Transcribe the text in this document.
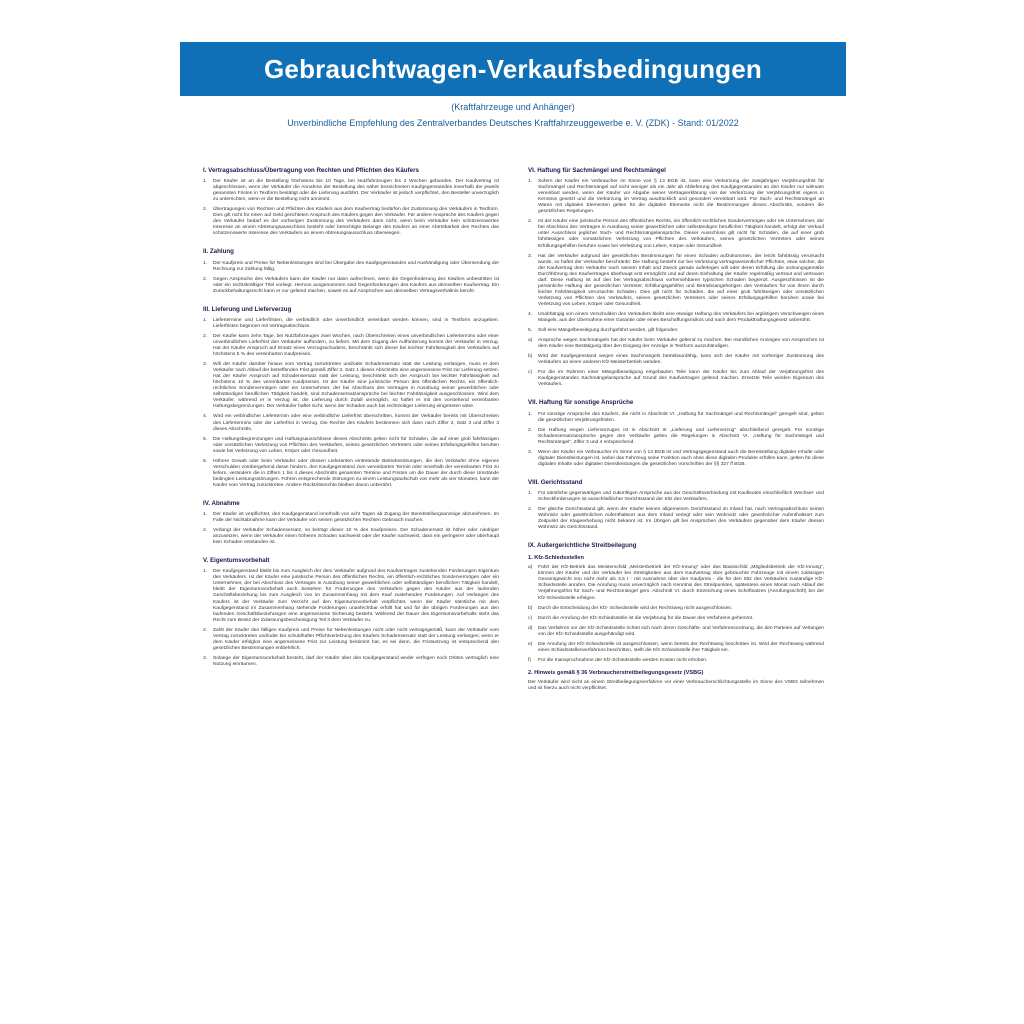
Gebrauchtwagen-Verkaufsbedingungen
(Kraftfahrzeuge und Anhänger)
Unverbindliche Empfehlung des Zentralverbandes Deutsches Kraftfahrzeuggewerbe e. V. (ZDK) - Stand: 01/2022
I. Vertragsabschluss/Übertragung von Rechten und Pflichten des Käufers
1.	Der Käufer ist an die Bestellung höchstens bis 10 Tage, bei Nutzfahrzeugen bis 2 Wochen gebunden. Der Kaufvertrag ist abgeschlossen, wenn der Verkäufer die Annahme der Bestellung des näher bezeichneten Kaufgegenstandes innerhalb der jeweils genannten Fristen in Textform bestätigt oder die Lieferung ausführt. Der Verkäufer ist jedoch verpflichtet, den Besteller unverzüglich zu unterrichten, wenn er die Bestellung nicht annimmt.
2.	Übertragungen von Rechten und Pflichten des Käufers aus dem Kaufvertrag bedürfen der Zustimmung des Verkäufers in Textform. Dies gilt nicht für einen auf Geld gerichteten Anspruch des Käufers gegen den Verkäufer. Für andere Ansprüche des Käufers gegen den Verkäufer bedarf es der vorherigen Zustimmung des Verkäufers dann nicht, wenn beim Verkäufer kein schützenswertes Interesse an einem Abtretungsausschluss besteht oder berechtigte Belange des Käufers an einer Abtretbarkeit des Rechtes das schützenswerte Interesse des Verkäufers an einem Abtretungsausschluss überwiegen.
II. Zahlung
1.	Der Kaufpreis und Preise für Nebenleistungen sind bei Übergabe des Kaufgegenstandes und Aushändigung oder Übersendung der Rechnung zur Zahlung fällig.
2.	Gegen Ansprüche des Verkäufers kann der Käufer nur dann aufrechnen, wenn die Gegenforderung des Käufers unbestritten ist oder ein rechtskräftiger Titel vorliegt. Hiervon ausgenommen sind Gegenforderungen des Käufers aus demselben Kaufvertrag. Ein Zurückbehaltungsrecht kann er nur geltend machen, soweit es auf Ansprüchen aus demselben Vertragsverhältnis beruht.
III. Lieferung und Lieferverzug
1.	Liefertermine und Lieferfristen, die verbindlich oder unverbindlich vereinbart werden können, sind in Textform anzugeben. Lieferfristen beginnen mit Vertragsabschluss.
2.	Der Käufer kann zehn Tage, bei Nutzfahrzeugen zwei Wochen, nach Überschreiten eines unverbindlichen Liefertermins oder einer unverbindlichen Lieferfrist den Verkäufer auffordern, zu liefern. Mit dem Zugang der Aufforderung kommt der Verkäufer in Verzug. Hat der Käufer Anspruch auf Ersatz eines Verzugsschadens, beschränkt sich dieser bei leichter Fahrlässigkeit des Verkäufers auf höchstens 5 % des vereinbarten Kaufpreises.
3.	Will der Käufer darüber hinaus vom Vertrag zurücktreten und/oder Schadensersatz statt der Leistung verlangen, muss er dem Verkäufer nach Ablauf der betreffenden Frist gemäß Ziffer 2, Satz 1 dieses Abschnitts eine angemessene Frist zur Lieferung setzen. Hat der Käufer Anspruch auf Schadensersatz statt der Leistung, beschränkt sich der Anspruch bei leichter Fahrlässigkeit auf höchstens 10 % des vereinbarten Kaufpreises. Ist der Käufer eine juristische Person des öffentlichen Rechts, ein öffentlich-rechtliches Sondervermögen oder ein Unternehmer, der bei Abschluss des Vertrages in Ausübung seiner gewerblichen oder selbständigen beruflichen Tätigkeit handelt, sind Schadensersatzansprüche bei leichter Fahrlässigkeit ausgeschlossen. Wird dem Verkäufer, während er in Verzug ist, die Lieferung durch Zufall unmöglich, so haftet er mit den vorstehend vereinbarten Haftungsbegrenzungen. Der Verkäufer haftet nicht, wenn der Schaden auch bei rechtzeitiger Lieferung eingetreten wäre.
4.	Wird ein verbindlicher Liefertermin oder eine verbindliche Lieferfrist überschritten, kommt der Verkäufer bereits mit Überschreiten des Liefertermins oder der Lieferfrist in Verzug. Die Rechte des Käufers bestimmen sich dann nach Ziffer 2, Satz 3 und Ziffer 3 dieses Abschnitts.
5.	Die Haftungsbegrenzungen und Haftungsausschlüsse dieses Abschnitts gelten nicht für Schäden, die auf einer grob fahrlässigen oder vorsätzlichen Verletzung von Pflichten des Verkäufers, seines gesetzlichen Vertreters oder seines Erfüllungsgehilfen beruhen sowie bei Verletzung von Leben, Körper oder Gesundheit.
6.	Höhere Gewalt oder beim Verkäufer oder dessen Lieferanten eintretende Betriebsstörungen, die den Verkäufer ohne eigenes Verschulden vorübergehend daran hindern, den Kaufgegenstand zum vereinbarten Termin oder innerhalb der vereinbarten Frist zu liefern, verändern die in Ziffern 1 bis 4 dieses Abschnitts genannten Termine und Fristen um die Dauer der durch diese Umstände bedingten Leistungsstörungen. Führen entsprechende Störungen zu einem Leistungsaufschub von mehr als vier Monaten, kann der Käufer vom Vertrag zurücktreten. Andere Rücktrittsrechte bleiben davon unberührt.
IV. Abnahme
1.	Der Käufer ist verpflichtet, den Kaufgegenstand innerhalb von acht Tagen ab Zugang der Bereitstellungsanzeige abzunehmen. Im Falle der Nichtabnahme kann der Verkäufer von seinen gesetzlichen Rechten Gebrauch machen.
2.	Verlangt der Verkäufer Schadensersatz, so beträgt dieser 10 % des Kaufpreises. Der Schadenersatz ist höher oder niedriger anzusetzen, wenn der Verkäufer einen höheren Schaden nachweist oder der Käufer nachweist, dass ein geringerer oder überhaupt kein Schaden entstanden ist.
V. Eigentumsvorbehalt
1.	Der Kaufgegenstand bleibt bis zum Ausgleich der dem Verkäufer aufgrund des Kaufvertrages zustehenden Forderungen Eigentum des Verkäufers. Ist der Käufer eine juristische Person des öffentlichen Rechts, ein öffentlich-rechtliches Sondervermögen oder ein Unternehmer, der bei Abschluss des Vertrages in Ausübung seiner gewerblichen oder selbständigen beruflichen Tätigkeit handelt, bleibt der Eigentumsvorbehalt auch bestehen für Forderungen des Verkäufers gegen den Käufer aus der laufenden Geschäftsbeziehung bis zum Ausgleich von im Zusammenhang mit dem Kauf zustehenden Forderungen. Auf Verlangen des Käufers ist der Verkäufer zum Verzicht auf den Eigentumsvorbehalt verpflichtet, wenn der Käufer sämtliche mit dem Kaufgegenstand im Zusammenhang stehende Forderungen unanfechtbar erfüllt hat und für die übrigen Forderungen aus den laufenden Geschäftsbeziehungen eine angemessene Sicherung besteht. Während der Dauer des Eigentumsvorbehalts steht das Recht zum Besitz der Zulassungsbescheinigung Teil II dem Verkäufer zu.
2.	Zahlt der Käufer den fälligen Kaufpreis und Preise für Nebenleistungen nicht oder nicht vertragsgemäß, kann der Verkäufer vom Vertrag zurücktreten und/oder bei schuldhafter Pflichtverletzung des Käufers Schadensersatz statt der Leistung verlangen; wenn er dem Käufer erfolglos eine angemessene Frist zur Leistung bestimmt hat, es sei denn, die Fristsetzung ist entsprechend den gesetzlichen Bestimmungen entbehrlich.
3.	Solange der Eigentumsvorbehalt besteht, darf der Käufer über den Kaufgegenstand weder verfügen noch Dritten vertraglich eine Nutzung einräumen.
VI. Haftung für Sachmängel und Rechtsmängel
1.	Sofern der Käufer ein Verbraucher im Sinne von § 13 BGB ist, kann eine Verkürzung der zweijährigen Verjährungsfrist für Sachmängel und Rechtsmängel auf nicht weniger als ein Jahr ab Ablieferung des Kaufgegenstandes an den Käufer nur wirksam vereinbart werden, wenn der Käufer vor Abgabe seiner Vertragserklärung von der Verkürzung der Verjährungsfrist eigens in Kenntnis gesetzt und die Verkürzung im Vertrag ausdrücklich und gesondert vereinbart wird. Für Sach- und Rechtsmängel an Waren mit digitalen Elementen gelten für die digitalen Elemente nicht die Bestimmungen dieses Abschnitts, sondern die gesetzlichen Regelungen.
2.	Ist der Käufer eine juristische Person des öffentlichen Rechts, ein öffentlich-rechtliches Sondervermögen oder ein Unternehmer, der bei Abschluss des Vertrages in Ausübung seiner gewerblichen oder selbständigen beruflichen Tätigkeit handelt, erfolgt der Verkauf unter Ausschluss jeglicher Sach- und Rechtsmängelansprüche. Dieser Ausschluss gilt nicht für Schäden, die auf einer grob fahrlässigen oder vorsätzlichen Verletzung von Pflichten des Verkäufers, seines gesetzlichen Vertreters oder seines Erfüllungsgehilfen beruhen sowie bei Verletzung von Leben, Körper oder Gesundheit.
3.	Hat der Verkäufer aufgrund der gesetzlichen Bestimmungen für einen Schaden aufzukommen, der leicht fahrlässig verursacht wurde, so haftet der Verkäufer beschränkt: Die Haftung besteht nur bei Verletzung vertragswesentlicher Pflichten, etwa solcher, die der Kaufvertrag dem Verkäufer nach seinem Inhalt und Zweck gerade auferlegen will oder deren Erfüllung die ordnungsgemäße Durchführung des Kaufvertrages überhaupt erst ermöglicht und auf deren Einhaltung der Käufer regelmäßig vertraut und vertrauen darf. Diese Haftung ist auf den bei Vertragsabschluss vorhersehbaren typischen Schaden begrenzt. Ausgeschlossen ist die persönliche Haftung der gesetzlichen Vertreter, Erfüllungsgehilfen und Betriebsangehörigen des Verkäufers für von ihnen durch leichte Fahrlässigkeit verursachte Schäden. Dies gilt nicht für Schäden, die auf einer grob fahrlässigen oder vorsätzlichen Verletzung von Pflichten des Verkäufers, seines gesetzlichen Vertreters oder seines Erfüllungsgehilfen beruhen sowie bei Verletzung von Leben, Körper oder Gesundheit.
4.	Unabhängig von einem Verschulden des Verkäufers bleibt eine etwaige Haftung des Verkäufers bei arglistigem Verschweigen eines Mangels, aus der Übernahme einer Garantie oder eines Beschaffungsrisikos und nach dem Produkthaftungsgesetz unberührt.
5.	Soll eine Mängelbeseitigung durchgeführt werden, gilt folgendes:
a)	Ansprüche wegen Sachmängeln hat der Käufer beim Verkäufer geltend zu machen. Bei mündlichen Anzeigen von Ansprüchen ist dem Käufer eine Bestätigung über den Eingang der Anzeige in Textform auszuhändigen.
b)	Wird der Kaufgegenstand wegen eines Sachmangels betriebsunfähig, kann sich der Käufer mit vorheriger Zustimmung des Verkäufers an einen anderen Kfz-Meisterbetrieb wenden.
c)	Für die im Rahmen einer Mängelbeseitigung eingebauten Teile kann der Käufer bis zum Ablauf der Verjährungsfrist des Kaufgegenstandes Sachmängelansprüche auf Grund des Kaufvertrages geltend machen. Ersetzte Teile werden Eigentum des Verkäufers.
VII. Haftung für sonstige Ansprüche
1.	Für sonstige Ansprüche des Käufers, die nicht in Abschnitt VI. „Haftung für Sachmängel und Rechtsmängel“ geregelt sind, gelten die gesetzlichen Verjährungsfristen.
2.	Die Haftung wegen Lieferverzuges ist in Abschnitt III „Lieferung und Lieferverzug“ abschließend geregelt. Für sonstige Schadensersatzansprüche gegen den Verkäufer gelten die Regelungen in Abschnitt VI. „Haftung für Sachmängel und Rechtsmängel“, Ziffer 3 und 4 entsprechend.
3.	Wenn der Käufer ein Verbraucher im Sinne von § 13 BGB ist und Vertragsgegenstand auch die Bereitstellung digitaler Inhalte oder digitaler Dienstleistungen ist, wobei das Fahrzeug seine Funktion auch ohne diese digitalen Produkte erfüllen kann, gelten für diese digitalen Inhalte oder digitalen Dienstleistungen die gesetzlichen Vorschriften der §§ 327 ff BGB.
VIII. Gerichtsstand
1.	Für sämtliche gegenwärtigen und zukünftigen Ansprüche aus der Geschäftsverbindung mit Kaufleuten einschließlich Wechsel- und Scheckforderungen ist ausschließlicher Gerichtsstand der Sitz des Verkäufers.
2.	Der gleiche Gerichtsstand gilt, wenn der Käufer keinen allgemeinen Gerichtsstand im Inland hat, nach Vertragsabschluss seinen Wohnsitz oder gewöhnlichen Aufenthaltsort aus dem Inland verlegt oder sein Wohnsitz oder gewöhnlicher Aufenthaltsort zum Zeitpunkt der Klageerhebung nicht bekannt ist. Im Übrigen gilt bei Ansprüchen des Verkäufers gegenüber dem Käufer dessen Wohnsitz als Gerichtsstand.
IX. Außergerichtliche Streitbeilegung
1. Kfz-Schiedsstellen
a)	Führt der Kfz-Betrieb das Meisterschild „Meisterbetrieb der Kfz-Innung“ oder das Basisschild „Mitgliedsbetrieb der Kfz-Innung“, können der Käufer und der Verkäufer bei Streitigkeiten aus dem Kaufvertrag über gebrauchte Fahrzeuge mit einem zulässigen Gesamtgewicht von nicht mehr als 3,5 t - mit Ausnahme über den Kaufpreis - die für den Sitz des Verkäufers zuständige Kfz-Schiedsstelle anrufen. Die Anrufung muss unverzüglich nach Kenntnis des Streitpunktes, spätestens einen Monat nach Ablauf der Verjährungsfrist für Sach- und Rechtsmängel gem. Abschnitt VI. durch Einreichung eines Schriftsatzes (Anrufungsschrift) bei der Kfz-Schiedsstelle erfolgen.
b)	Durch die Entscheidung der Kfz- Schiedsstelle wird der Rechtsweg nicht ausgeschlossen.
c)	Durch die Anrufung der Kfz-Schiedsstelle ist die Verjährung für die Dauer des Verfahrens gehemmt.
d)	Das Verfahren vor der Kfz-Schiedsstelle richtet sich nach deren Geschäfts- und Verfahrensordnung, die den Parteien auf Verlangen von der Kfz-Schiedsstelle ausgehändigt wird.
e)	Die Anrufung der Kfz-Schiedsstelle ist ausgeschlossen, wenn bereits der Rechtsweg beschritten ist. Wird der Rechtsweg während eines Schiedsstellenverfahrens beschritten, stellt die Kfz-Schiedsstelle ihre Tätigkeit ein.
f)	Für die Inanspruchnahme der Kfz-Schiedsstelle werden Kosten nicht erhoben.
2. Hinweis gemäß § 36 Verbraucherstreitbeilegungsgesetz (VSBG)
Der Verkäufer wird nicht an einem Streitbeilegungsverfahren vor einer Verbraucherschlichtungsstelle im Sinne des VSBG teilnehmen und ist hierzu auch nicht verpflichtet.
